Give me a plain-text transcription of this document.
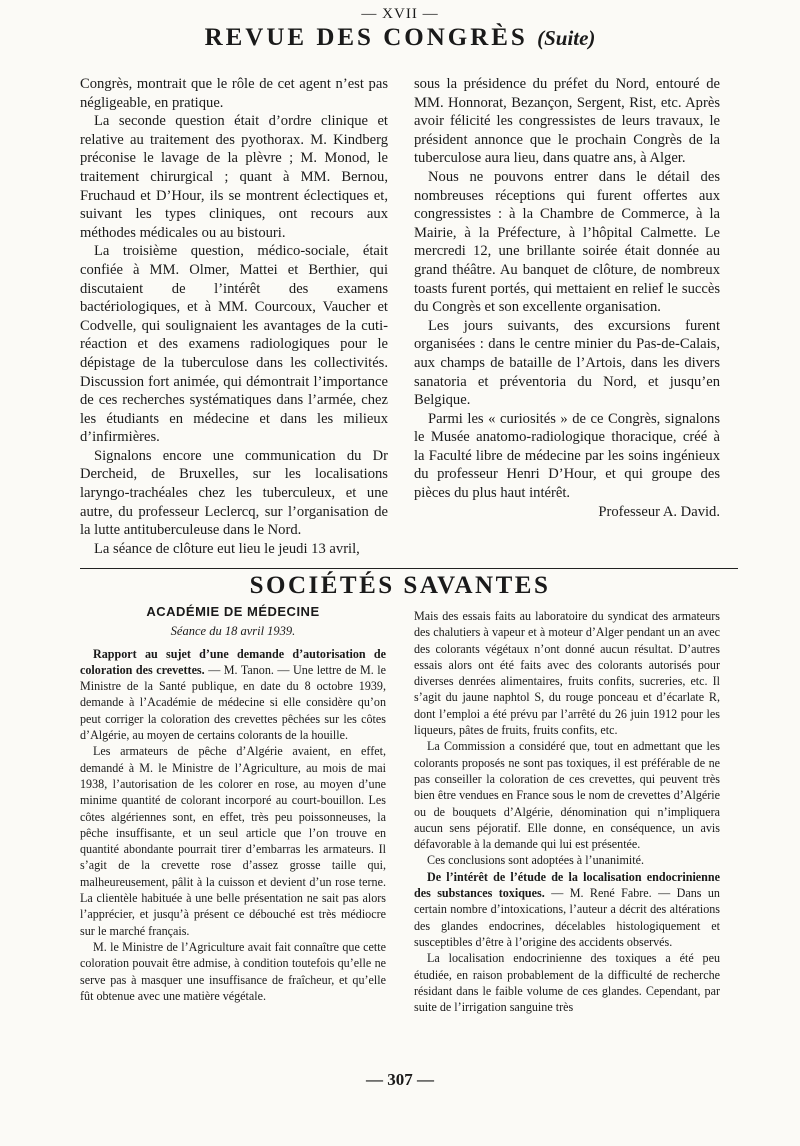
— XVII —
REVUE DES CONGRÈS (Suite)

Congrès, montrait que le rôle de cet agent n’est pas négligeable, en pratique.

La seconde question était d’ordre clinique et relative au traitement des pyothorax. M. Kindberg préconise le lavage de la plèvre ; M. Monod, le traitement chirurgical ; quant à MM. Bernou, Fruchaud et D’Hour, ils se montrent éclectiques et, suivant les types cliniques, ont recours aux méthodes médicales ou au bistouri.

La troisième question, médico-sociale, était confiée à MM. Olmer, Mattei et Berthier, qui discutaient de l’intérêt des examens bactériologiques, et à MM. Courcoux, Vaucher et Codvelle, qui soulignaient les avantages de la cuti-réaction et des examens radiologiques pour le dépistage de la tuberculose dans les collectivités. Discussion fort animée, qui démontrait l’importance de ces recherches systématiques dans l’armée, chez les étudiants en médecine et dans les milieux d’infirmières.

Signalons encore une communication du Dr Dercheid, de Bruxelles, sur les localisations laryngo-trachéales chez les tuberculeux, et une autre, du professeur Leclercq, sur l’organisation de la lutte antituberculeuse dans le Nord.

La séance de clôture eut lieu le jeudi 13 avril,

sous la présidence du préfet du Nord, entouré de MM. Honnorat, Bezançon, Sergent, Rist, etc. Après avoir félicité les congressistes de leurs travaux, le président annonce que le prochain Congrès de la tuberculose aura lieu, dans quatre ans, à Alger.

Nous ne pouvons entrer dans le détail des nombreuses réceptions qui furent offertes aux congressistes : à la Chambre de Commerce, à la Mairie, à la Préfecture, à l’hôpital Calmette. Le mercredi 12, une brillante soirée était donnée au grand théâtre. Au banquet de clôture, de nombreux toasts furent portés, qui mettaient en relief le succès du Congrès et son excellente organisation.

Les jours suivants, des excursions furent organisées : dans le centre minier du Pas-de-Calais, aux champs de bataille de l’Artois, dans les divers sanatoria et préventoria du Nord, et jusqu’en Belgique.

Parmi les « curiosités » de ce Congrès, signalons le Musée anatomo-radiologique thoracique, créé à la Faculté libre de médecine par les soins ingénieux du professeur Henri D’Hour, et qui groupe des pièces du plus haut intérêt.

Professeur A. David.

SOCIÉTÉS SAVANTES

ACADÉMIE DE MÉDECINE

Séance du 18 avril 1939.

Rapport au sujet d’une demande d’autorisation de coloration des crevettes. — M. Tanon. — Une lettre de M. le Ministre de la Santé publique, en date du 8 octobre 1939, demande à l’Académie de médecine si elle considère qu’on peut corriger la coloration des crevettes pêchées sur les côtes d’Algérie, au moyen de certains colorants de la houille.

Les armateurs de pêche d’Algérie avaient, en effet, demandé à M. le Ministre de l’Agriculture, au mois de mai 1938, l’autorisation de les colorer en rose, au moyen d’une minime quantité de colorant incorporé au court-bouillon. Les côtes algériennes sont, en effet, très peu poissonneuses, la pêche insuffisante, et un seul article que l’on trouve en quantité abondante pourrait tirer d’embarras les armateurs. Il s’agit de la crevette rose d’assez grosse taille qui, malheureusement, pâlit à la cuisson et devient d’un rose terne. La clientèle habituée à une belle présentation ne sait pas alors l’apprécier, et jusqu’à présent ce débouché est très médiocre sur le marché français.

M. le Ministre de l’Agriculture avait fait connaître que cette coloration pouvait être admise, à condition toutefois qu’elle ne serve pas à masquer une insuffisance de fraîcheur, et qu’elle fût obtenue avec une matière végétale.

Mais des essais faits au laboratoire du syndicat des armateurs des chalutiers à vapeur et à moteur d’Alger pendant un an avec des colorants végétaux n’ont donné aucun résultat. D’autres essais alors ont été faits avec des colorants autorisés pour diverses denrées alimentaires, fruits confits, sucreries, etc. Il s’agit du jaune naphtol S, du rouge ponceau et d’écarlate R, dont l’emploi a été prévu par l’arrêté du 26 juin 1912 pour les liqueurs, pâtes de fruits, fruits confits, etc.

La Commission a considéré que, tout en admettant que les colorants proposés ne sont pas toxiques, il est préférable de ne pas conseiller la coloration de ces crevettes, qui peuvent très bien être vendues en France sous le nom de crevettes d’Algérie ou de bouquets d’Algérie, dénomination qui n’impliquera aucun sens péjoratif. Elle donne, en conséquence, un avis défavorable à la demande qui lui est présentée.

Ces conclusions sont adoptées à l’unanimité.

De l’intérêt de l’étude de la localisation endocrinienne des substances toxiques. — M. René Fabre. — Dans un certain nombre d’intoxications, l’auteur a décrit des altérations des glandes endocrines, décelables histologiquement et susceptibles d’être à l’origine des accidents observés.

La localisation endocrinienne des toxiques a été peu étudiée, en raison probablement de la difficulté de recherche résidant dans le faible volume de ces glandes. Cependant, par suite de l’irrigation sanguine très

— 307 —
